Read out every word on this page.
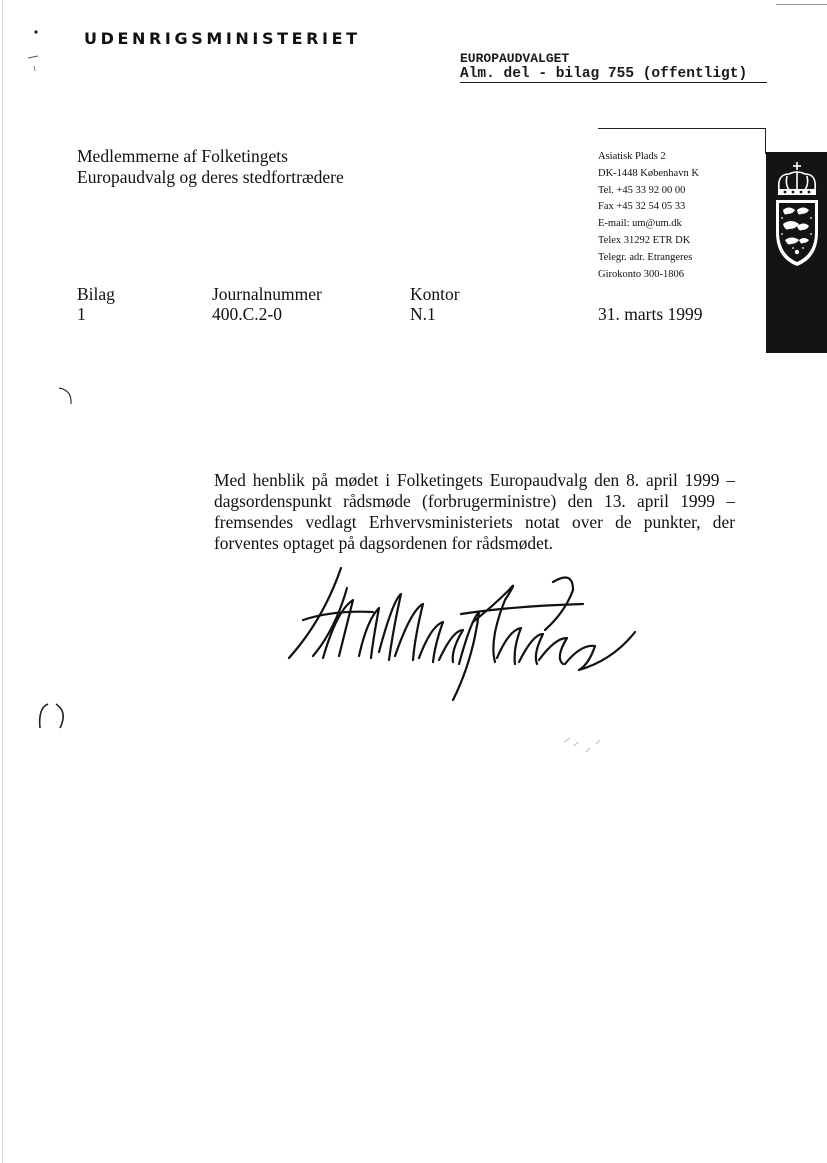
UDENRIGSMINISTERIET
EUROPAUDVALGET
Alm. del - bilag 755 (offentligt)
Medlemmerne af Folketingets
Europaudvalg og deres stedfortrædere
Asiatisk Plads 2
DK-1448 København K
Tel. +45 33 92 00 00
Fax +45 32 54 05 33
E-mail: um@um.dk
Telex 31292 ETR DK
Telegr. adr. Etrangeres
Girokonto 300-1806
Bilag
1
Journalnummer
400.C.2-0
Kontor
N.1	31. marts 1999

Med henblik på mødet i Folketingets Europaudvalg den 8. april 1999 – dagsordenspunkt rådsmøde (forbrugerministre) den 13. april 1999 – fremsendes vedlagt Erhvervsministeriets notat over de punkter, der forventes optaget på dagsordenen for rådsmødet.
